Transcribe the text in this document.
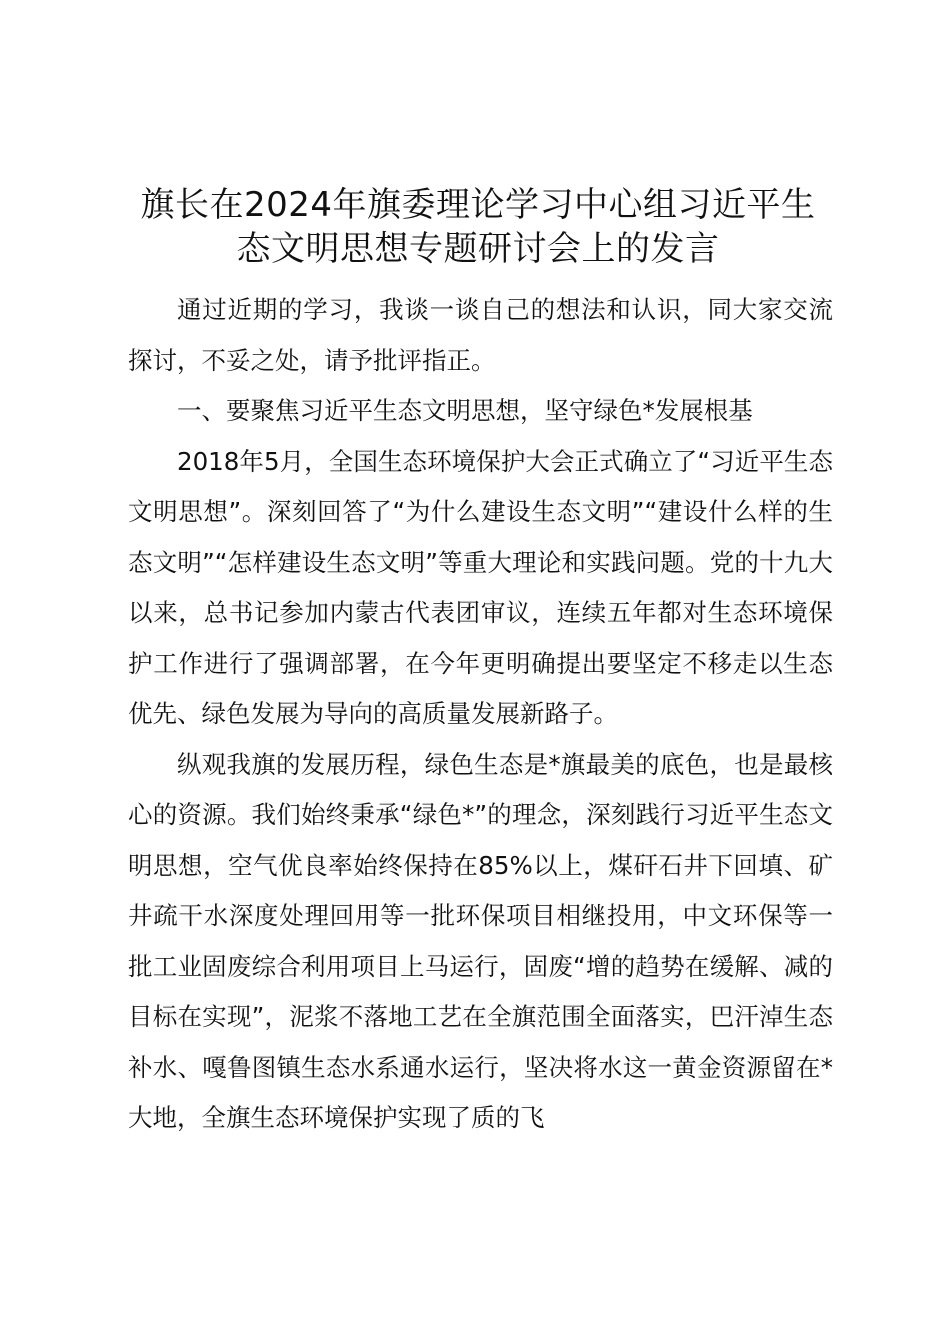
旗长在2024年旗委理论学习中心组习近平生态文明思想专题研讨会上的发言

通过近期的学习，我谈一谈自己的想法和认识，同大家交流探讨，不妥之处，请予批评指正。

一、要聚焦习近平生态文明思想，坚守绿色*发展根基

2018年5月，全国生态环境保护大会正式确立了“习近平生态文明思想”。深刻回答了“为什么建设生态文明”“建设什么样的生态文明”“怎样建设生态文明”等重大理论和实践问题。党的十九大以来，总书记参加内蒙古代表团审议，连续五年都对生态环境保护工作进行了强调部署，在今年更明确提出要坚定不移走以生态优先、绿色发展为导向的高质量发展新路子。

纵观我旗的发展历程，绿色生态是*旗最美的底色，也是最核心的资源。我们始终秉承“绿色*”的理念，深刻践行习近平生态文明思想，空气优良率始终保持在85%以上，煤矸石井下回填、矿井疏干水深度处理回用等一批环保项目相继投用，中文环保等一批工业固废综合利用项目上马运行，固废“增的趋势在缓解、减的目标在实现”，泥浆不落地工艺在全旗范围全面落实，巴汗淖生态补水、嘎鲁图镇生态水系通水运行，坚决将水这一黄金资源留在*大地，全旗生态环境保护实现了质的飞
